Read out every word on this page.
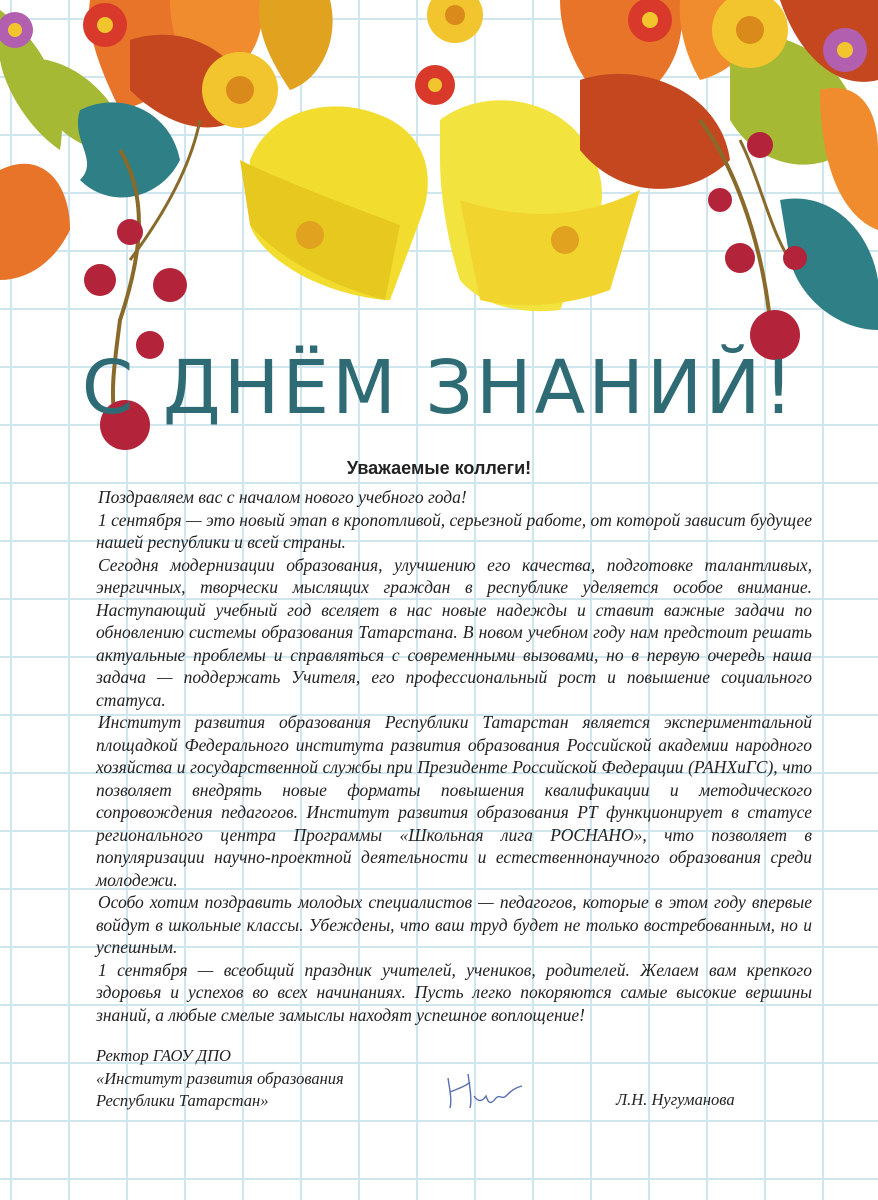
С ДНЁМ ЗНАНИЙ!
Уважаемые коллеги!

Поздравляем вас с началом нового учебного года!

1 сентября — это новый этап в кропотливой, серьезной работе, от которой зависит будущее нашей республики и всей страны.

Сегодня модернизации образования, улучшению его качества, подготовке талантливых, энергичных, творчески мыслящих граждан в республике уделяется особое внимание. Наступающий учебный год вселяет в нас новые надежды и ставит важные задачи по обновлению системы образования Татарстана. В новом учебном году нам предстоит решать актуальные проблемы и справляться с современными вызовами, но в первую очередь наша задача — поддержать Учителя, его профессиональный рост и повышение социального статуса.

Институт развития образования Республики Татарстан является экспериментальной площадкой Федерального института развития образования Российской академии народного хозяйства и государственной службы при Президенте Российской Федерации (РАНХиГС), что позволяет внедрять новые форматы повышения квалификации и методического сопровождения педагогов. Институт развития образования РТ функционирует в статусе регионального центра Программы «Школьная лига РОСНАНО», что позволяет в популяризации научно-проектной деятельности и естественнонаучного образования среди молодежи.

Особо хотим поздравить молодых специалистов — педагогов, которые в этом году впервые войдут в школьные классы. Убеждены, что ваш труд будет не только востребованным, но и успешным.

1 сентября — всеобщий праздник учителей, учеников, родителей. Желаем вам крепкого здоровья и успехов во всех начинаниях. Пусть легко покоряются самые высокие вершины знаний, а любые смелые замыслы находят успешное воплощение!

Ректор ГАОУ ДПО
«Институт развития образования
Республики Татарстан»	Л.Н. Нугуманова
